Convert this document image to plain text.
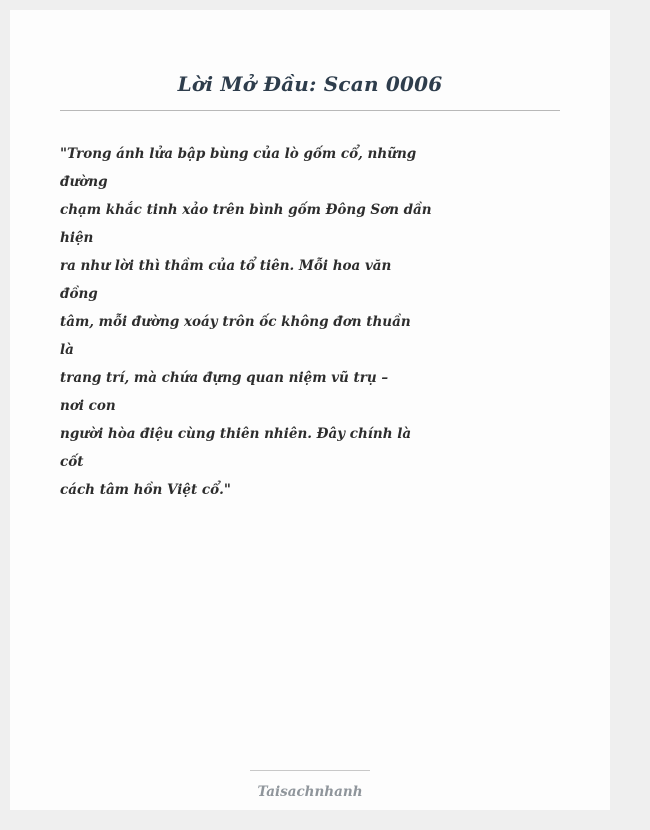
Lời Mở Đầu: Scan 0006
"Trong ánh lửa bập bùng của lò gốm cổ, những
đường
chạm khắc tinh xảo trên bình gốm Đông Sơn dần
hiện
ra như lời thì thầm của tổ tiên. Mỗi hoa văn
đồng
tâm, mỗi đường xoáy trôn ốc không đơn thuần
là
trang trí, mà chứa đựng quan niệm vũ trụ –
nơi con
người hòa điệu cùng thiên nhiên. Đây chính là
cốt
cách tâm hồn Việt cổ."
Taisachnhanh
